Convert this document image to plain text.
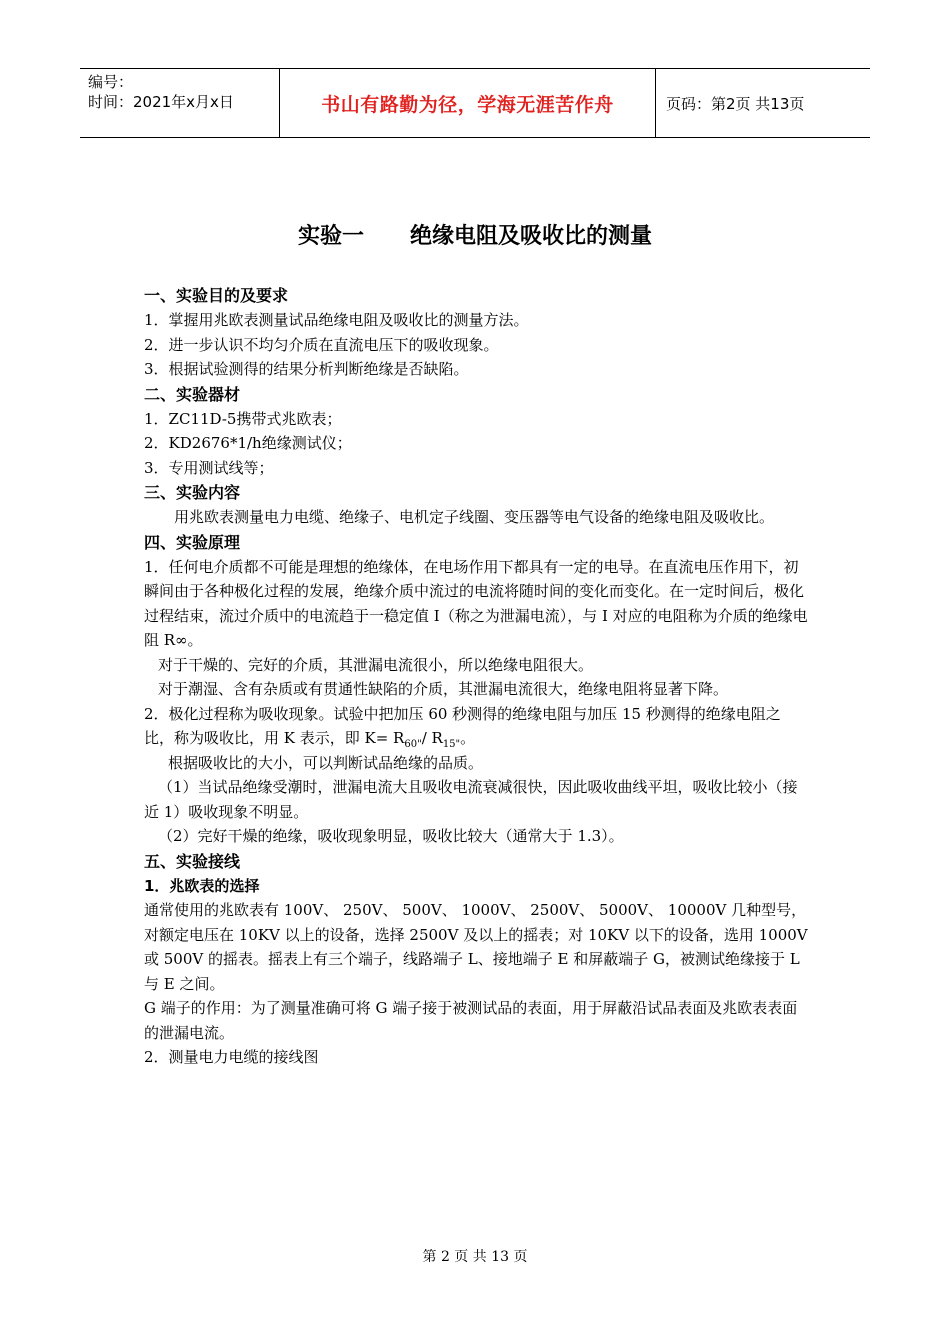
编号：
时间：2021年x月x日	书山有路勤为径，学海无涯苦作舟	页码：第2页 共13页
实验一      绝缘电阻及吸收比的测量

一、实验目的及要求

1．掌握用兆欧表测量试品绝缘电阻及吸收比的测量方法。

2．进一步认识不均匀介质在直流电压下的吸收现象。

3．根据试验测得的结果分析判断绝缘是否缺陷。

二、实验器材

1．ZC11D-5携带式兆欧表；

2．KD2676*1/h绝缘测试仪；

3．专用测试线等；

三、实验内容

用兆欧表测量电力电缆、绝缘子、电机定子线圈、变压器等电气设备的绝缘电阻及吸收比。

四、实验原理

1．任何电介质都不可能是理想的绝缘体，在电场作用下都具有一定的电导。在直流电压作用下，初瞬间由于各种极化过程的发展，绝缘介质中流过的电流将随时间的变化而变化。在一定时间后，极化过程结束，流过介质中的电流趋于一稳定值 I（称之为泄漏电流），与 I 对应的电阻称为介质的绝缘电阻 R∞。

对于干燥的、完好的介质，其泄漏电流很小，所以绝缘电阻很大。

对于潮湿、含有杂质或有贯通性缺陷的介质，其泄漏电流很大，绝缘电阻将显著下降。

2．极化过程称为吸收现象。试验中把加压 60 秒测得的绝缘电阻与加压 15 秒测得的绝缘电阻之比，称为吸收比，用 K 表示，即 $K= R_{60"}/$ $R_{15"}$。

根据吸收比的大小，可以判断试品绝缘的品质。

（1）当试品绝缘受潮时，泄漏电流大且吸收电流衰减很快，因此吸收曲线平坦，吸收比较小（接近 1）吸收现象不明显。

（2）完好干燥的绝缘，吸收现象明显，吸收比较大（通常大于 1.3）。

五、实验接线

1．兆欧表的选择

通常使用的兆欧表有 100V、 250V、 500V、 1000V、 2500V、 5000V、 10000V 几种型号，对额定电压在 10KV 以上的设备，选择 2500V 及以上的摇表；对 10KV 以下的设备，选用 1000V 或 500V 的摇表。摇表上有三个端子，线路端子 L、接地端子 E 和屏蔽端子 G，被测试绝缘接于 L 与 E 之间。

G 端子的作用：为了测量准确可将 G 端子接于被测试品的表面，用于屏蔽沿试品表面及兆欧表表面的泄漏电流。

2．测量电力电缆的接线图

第 2 页 共 13 页
